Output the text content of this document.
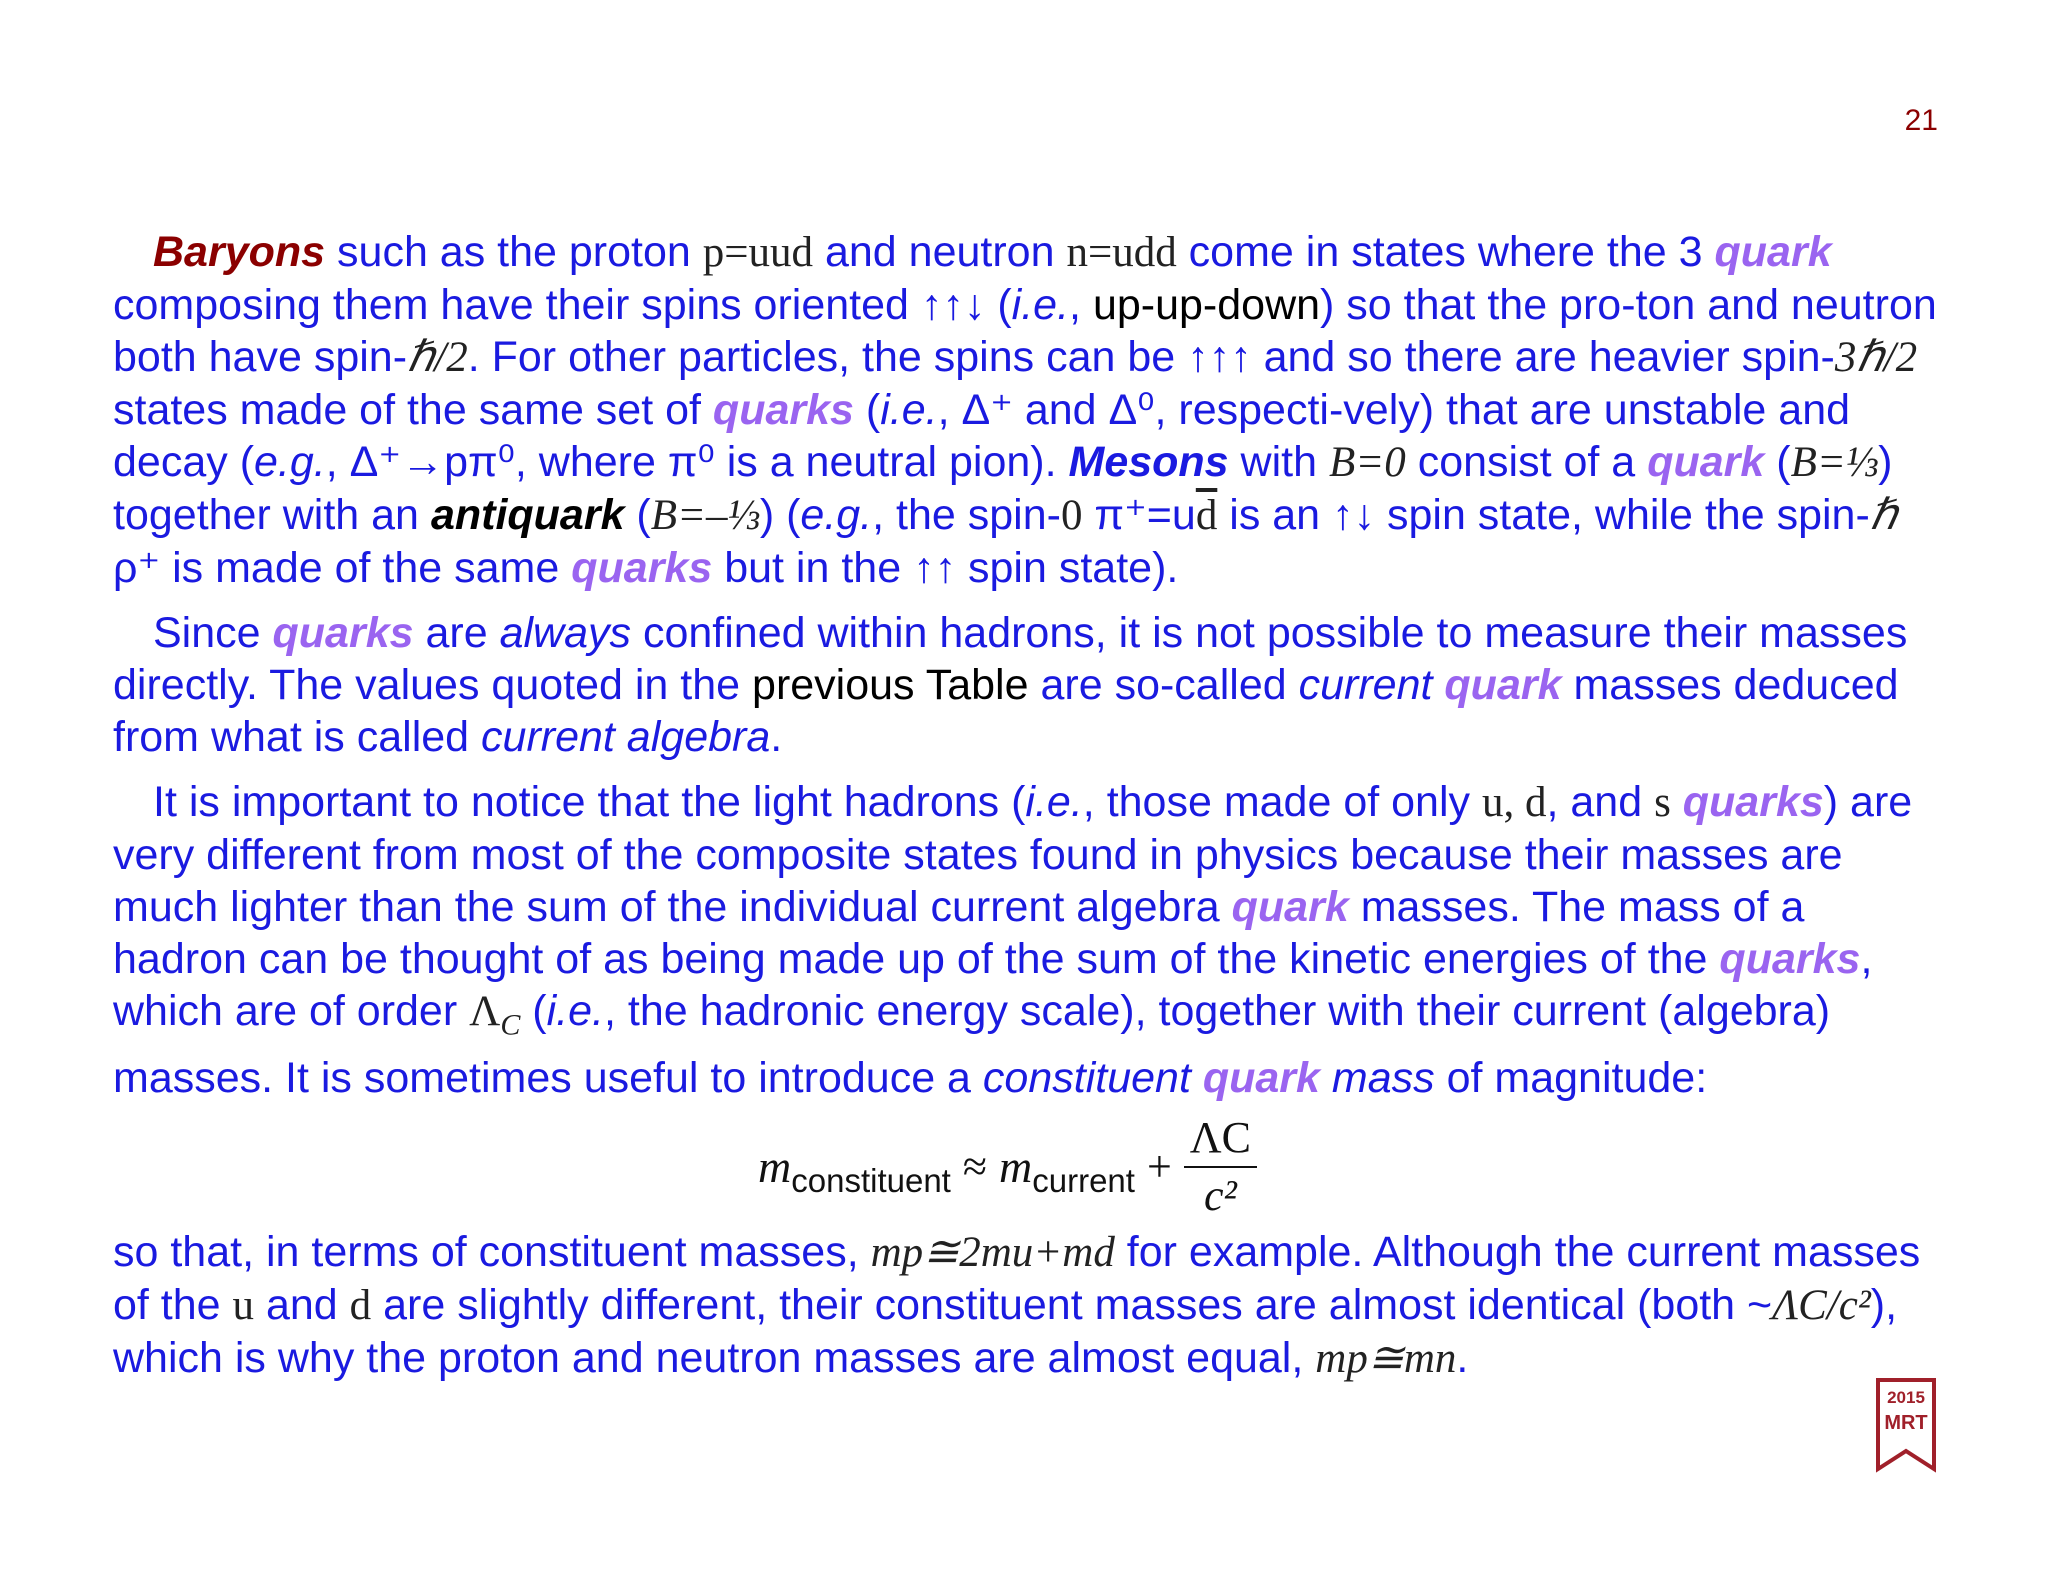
21

Baryons such as the proton p=uud and neutron n=udd come in states where the 3 quark composing them have their spins oriented ↑↑↓ (i.e., up-up-down) so that the pro-ton and neutron both have spin-ℏ/2. For other particles, the spins can be ↑↑↑ and so there are heavier spin-3ℏ/2 states made of the same set of quarks (i.e., Δ⁺ and Δ⁰, respecti-vely) that are unstable and decay (e.g., Δ⁺→pπ⁰, where π⁰ is a neutral pion). Mesons with B=0 consist of a quark (B=⅓) together with an antiquark (B=–⅓) (e.g., the spin-0 $\pi^+=u\overline{d}$ is an ↑↓ spin state, while the spin-ℏ ρ⁺ is made of the same quarks but in the ↑↑ spin state).

Since quarks are always confined within hadrons, it is not possible to measure their masses directly. The values quoted in the previous Table are so-called current quark masses deduced from what is called current algebra.

It is important to notice that the light hadrons (i.e., those made of only u, d, and s quarks) are very different from most of the composite states found in physics because their masses are much lighter than the sum of the individual current algebra quark masses. The mass of a hadron can be thought of as being made up of the sum of the kinetic energies of the quarks, which are of order $\Lambda_C$ (i.e., the hadronic energy scale), together with their current (algebra) masses. It is sometimes useful to introduce a constituent quark mass of magnitude:

m constituent ≈ m current + $\frac{\Lambda C}{\text{c²}}$

so that, in terms of constituent masses, mp≅2mu+md for example. Although the current masses of the u and d are slightly different, their constituent masses are almost identical (both ~ΛC/c²), which is why the proton and neutron masses are almost equal, mp≅mn.

2015
MRT
